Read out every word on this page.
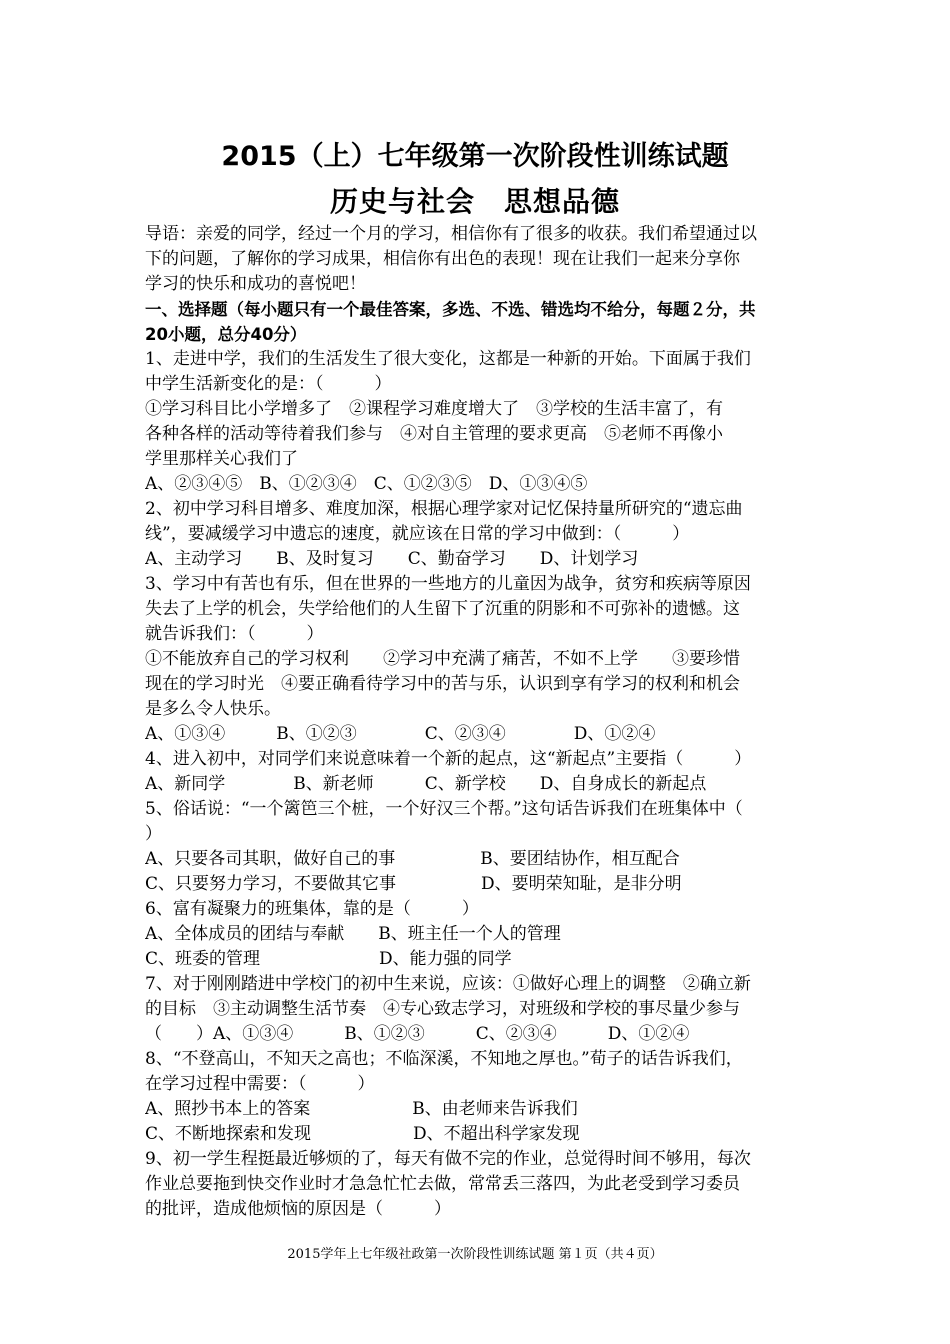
2015（上）七年级第一次阶段性训练试题
历史与社会　思想品德
导语：亲爱的同学，经过一个月的学习，相信你有了很多的收获。我们希望通过以
下的问题，了解你的学习成果，相信你有出色的表现！现在让我们一起来分享你
学习的快乐和成功的喜悦吧！
一、选择题（每小题只有一个最佳答案，多选、不选、错选均不给分，每题２分，共
20小题，总分40分）
1、走进中学，我们的生活发生了很大变化，这都是一种新的开始。下面属于我们
中学生活新变化的是：（　　　）
①学习科目比小学增多了　②课程学习难度增大了　③学校的生活丰富了，有
各种各样的活动等待着我们参与　④对自主管理的要求更高　⑤老师不再像小
学里那样关心我们了
A、②③④⑤　B、①②③④　C、①②③⑤　D、①③④⑤
2、初中学习科目增多、难度加深，根据心理学家对记忆保持量所研究的“遗忘曲
线”，要减缓学习中遗忘的速度，就应该在日常的学习中做到：（　　　）
A、主动学习　　B、及时复习　　C、勤奋学习　　D、计划学习
3、学习中有苦也有乐，但在世界的一些地方的儿童因为战争，贫穷和疾病等原因
失去了上学的机会，失学给他们的人生留下了沉重的阴影和不可弥补的遗憾。这
就告诉我们：（　　　）
①不能放弃自己的学习权利　　②学习中充满了痛苦，不如不上学　　③要珍惜
现在的学习时光　④要正确看待学习中的苦与乐，认识到享有学习的权利和机会
是多么令人快乐。
A、①③④　　　B、①②③　　　　C、②③④　　　　D、①②④
4、进入初中，对同学们来说意味着一个新的起点，这“新起点”主要指（　　　）
A、新同学　　　　B、新老师　　　C、新学校　　D、自身成长的新起点
5、俗话说：“一个篱笆三个桩，一个好汉三个帮。”这句话告诉我们在班集体中（
）
A、只要各司其职，做好自己的事　　　　　B、要团结协作，相互配合
C、只要努力学习，不要做其它事　　　　　D、要明荣知耻，是非分明
6、富有凝聚力的班集体，靠的是（　　　）
A、全体成员的团结与奉献　　B、班主任一个人的管理
C、班委的管理　　　　　　　D、能力强的同学
7、对于刚刚踏进中学校门的初中生来说，应该：①做好心理上的调整　②确立新
的目标　③主动调整生活节奏　④专心致志学习，对班级和学校的事尽量少参与
（　　）A、①③④　　　B、①②③　　　C、②③④　　　D、①②④
8、“不登高山，不知天之高也；不临深溪，不知地之厚也。”荀子的话告诉我们，
在学习过程中需要：（　　　）
A、照抄书本上的答案　　　　　　B、由老师来告诉我们
C、不断地探索和发现　　　　　　D、不超出科学家发现
9、初一学生程挺最近够烦的了，每天有做不完的作业，总觉得时间不够用，每次
作业总要拖到快交作业时才急急忙忙去做，常常丢三落四，为此老受到学习委员
的批评，造成他烦恼的原因是（　　　）
2015学年上七年级社政第一次阶段性训练试题 第１页（共４页）
